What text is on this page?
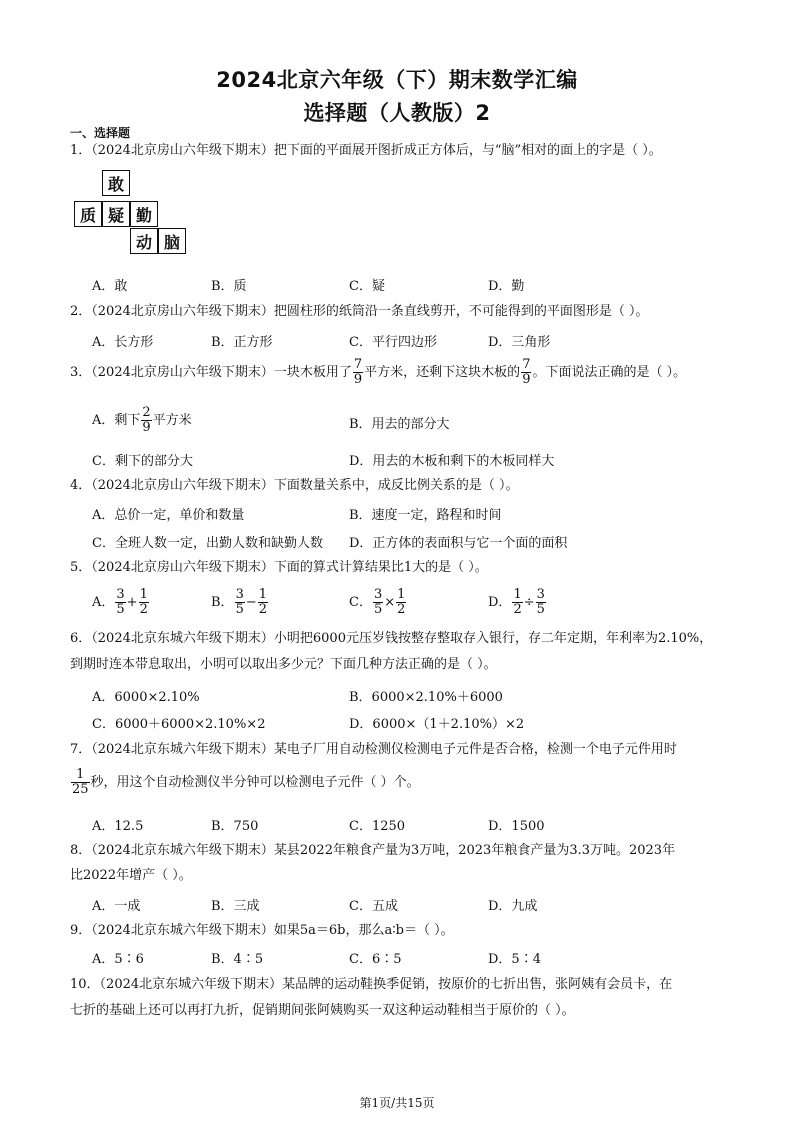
2024北京六年级（下）期末数学汇编
选择题（人教版）2
一、选择题
1．（2024北京房山六年级下期末）把下面的平面展开图折成正方体后，与“脑”相对的面上的字是（ ）。
敢
质 疑 勤
动 脑
A．敢	B．质	C．疑	D．勤
2．（2024北京房山六年级下期末）把圆柱形的纸筒沿一条直线剪开，不可能得到的平面图形是（ ）。
A．长方形	B．正方形	C．平行四边形	D．三角形
3．（2024北京房山六年级下期末）一块木板用了 $\frac{7}{9}$ 平方米，还剩下这块木板的 $\frac{7}{9}$ 。下面说法正确的是（ ）。
A．剩下 $\frac{2}{9}$ 平方米	B．用去的部分大
C．剩下的部分大	D．用去的木板和剩下的木板同样大
4．（2024北京房山六年级下期末）下面数量关系中，成反比例关系的是（ ）。
A．总价一定，单价和数量	B．速度一定，路程和时间
C．全班人数一定，出勤人数和缺勤人数 D．正方体的表面积与它一个面的面积
5．（2024北京房山六年级下期末）下面的算式计算结果比1大的是（ ）。
A． $\frac{3}{5} + \frac{1}{2}$	B． $\frac{3}{5} - \frac{1}{2}$	C． $\frac{3}{5} \times \frac{1}{2}$	D． $\frac{1}{2} \div \frac{3}{5}$
6．（2024北京东城六年级下期末）小明把6000元压岁钱按整存整取存入银行，存二年定期，年利率为2.10%，
到期时连本带息取出，小明可以取出多少元？下面几种方法正确的是（ ）。
A．6000×2.10%	B．6000×2.10%＋6000
C．6000＋6000×2.10%×2	D．6000×（1＋2.10%）×2
7．（2024北京东城六年级下期末）某电子厂用自动检测仪检测电子元件是否合格，检测一个电子元件用时
$\frac{1}{25}$ 秒，用这个自动检测仪半分钟可以检测电子元件（ ）个。
A．12.5	B．750	C．1250	D．1500
8．（2024北京东城六年级下期末）某县2022年粮食产量为3万吨，2023年粮食产量为3.3万吨。2023年
比2022年增产（ ）。
A．一成	B．三成	C．五成	D．九成
9．（2024北京东城六年级下期末）如果5a＝6b，那么a∶b＝（ ）。
A．5∶6	B．4∶5	C．6∶5	D．5∶4
10．（2024北京东城六年级下期末）某品牌的运动鞋换季促销，按原价的七折出售，张阿姨有会员卡，在
七折的基础上还可以再打九折，促销期间张阿姨购买一双这种运动鞋相当于原价的（ ）。
第1页/共15页
